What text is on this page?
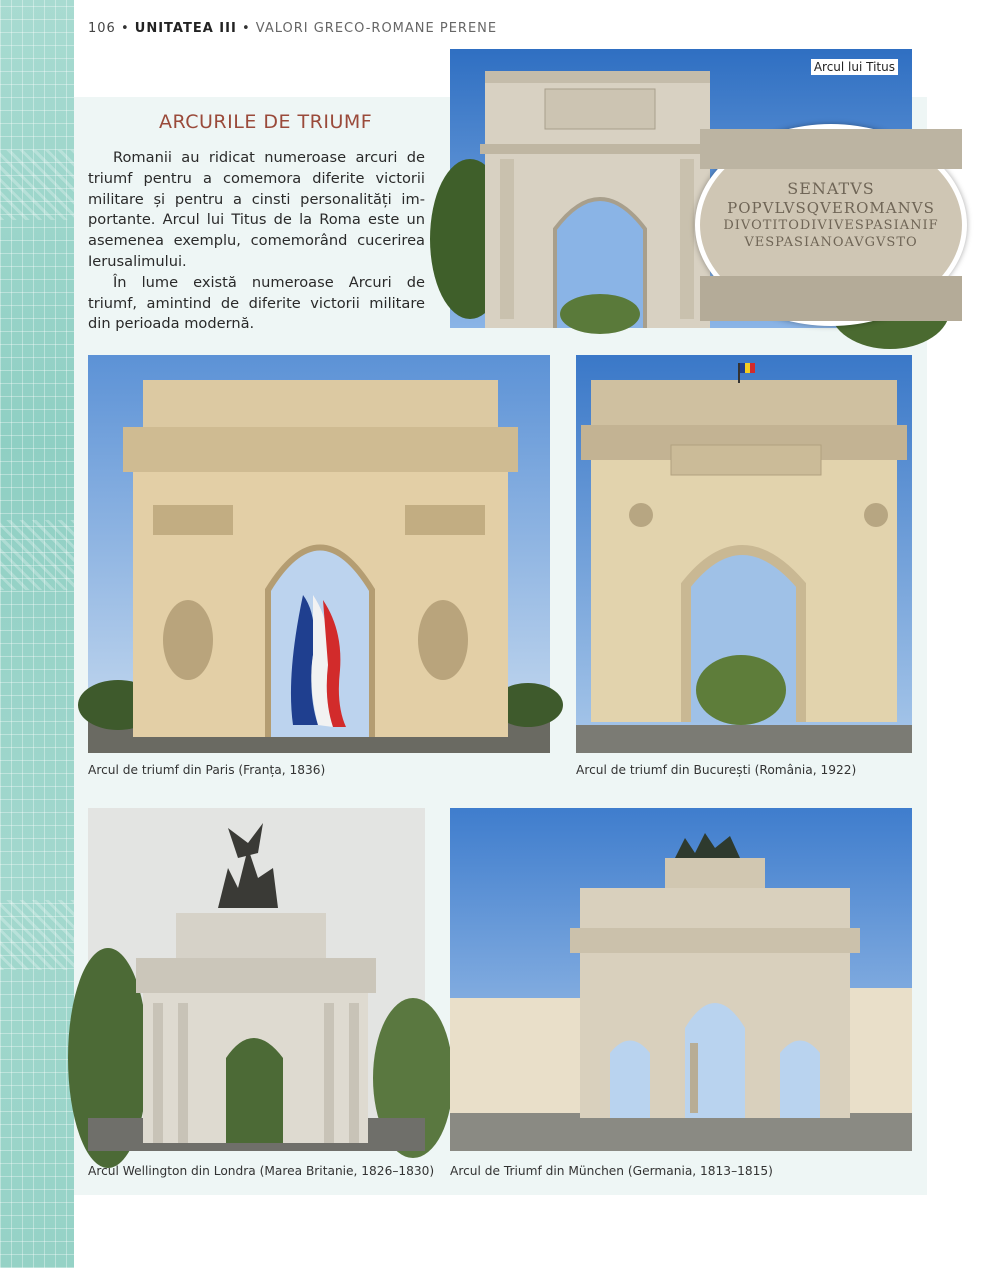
106 • UNITATEA III • VALORI GRECO-ROMANE PERENE
ARCURILE DE TRIUMF

Romanii au ridicat numeroase arcuri de triumf pentru a comemora diferite victorii militare și pentru a cinsti personalități importante. Arcul lui Titus de la Roma este un asemenea exemplu, comemorând cucerirea Ierusalimului.

În lume există numeroase Arcuri de triumf, amintind de diferite victorii militare din perioada modernă.

SENATVS
POPVLVSQVEROMANVS
DIVOTITODIVIVESPASIANIF
VESPASIANOAVGVSTO
Arcul lui Titus
Arcul de triumf din Paris (Franța, 1836)	Arcul de triumf din București (România, 1922)
Arcul Wellington din Londra (Marea Britanie, 1826–1830) Arcul de Triumf din München (Germania, 1813–1815)
